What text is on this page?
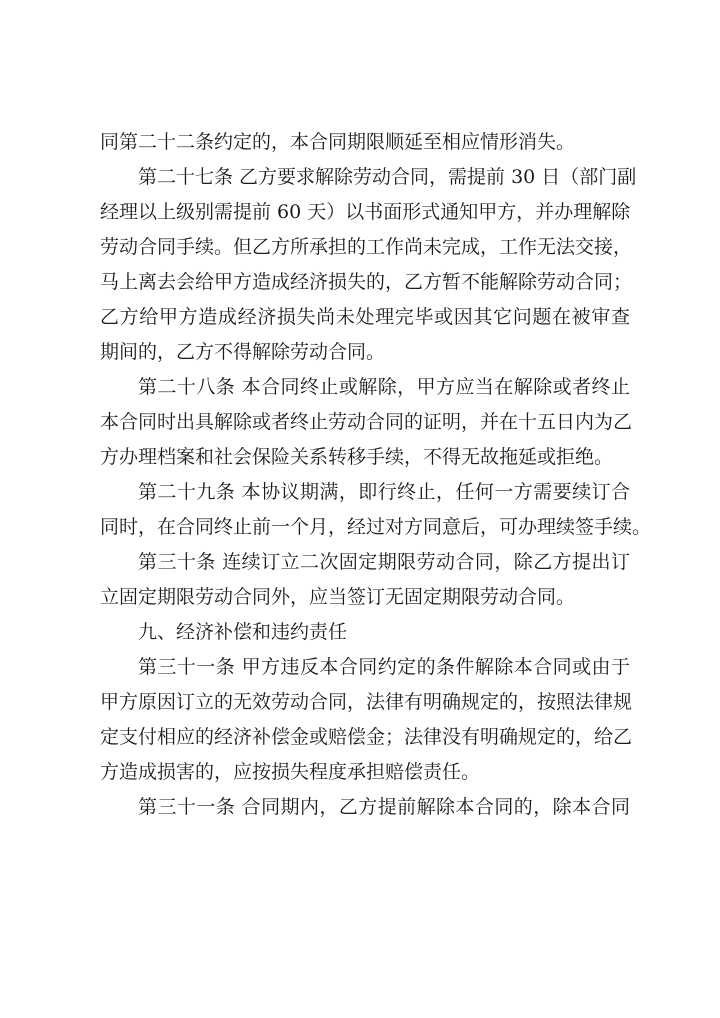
同第二十二条约定的，本合同期限顺延至相应情形消失。
第二十七条 乙方要求解除劳动合同，需提前 30 日（部门副
经理以上级别需提前 60 天）以书面形式通知甲方，并办理解除
劳动合同手续。但乙方所承担的工作尚未完成，工作无法交接，
马上离去会给甲方造成经济损失的，乙方暂不能解除劳动合同；
乙方给甲方造成经济损失尚未处理完毕或因其它问题在被审查
期间的，乙方不得解除劳动合同。
第二十八条 本合同终止或解除，甲方应当在解除或者终止
本合同时出具解除或者终止劳动合同的证明，并在十五日内为乙
方办理档案和社会保险关系转移手续，不得无故拖延或拒绝。
第二十九条 本协议期满，即行终止，任何一方需要续订合
同时，在合同终止前一个月，经过对方同意后，可办理续签手续。
第三十条 连续订立二次固定期限劳动合同，除乙方提出订
立固定期限劳动合同外，应当签订无固定期限劳动合同。
九、经济补偿和违约责任
第三十一条 甲方违反本合同约定的条件解除本合同或由于
甲方原因订立的无效劳动合同，法律有明确规定的，按照法律规
定支付相应的经济补偿金或赔偿金；法律没有明确规定的，给乙
方造成损害的，应按损失程度承担赔偿责任。
第三十一条 合同期内，乙方提前解除本合同的，除本合同
